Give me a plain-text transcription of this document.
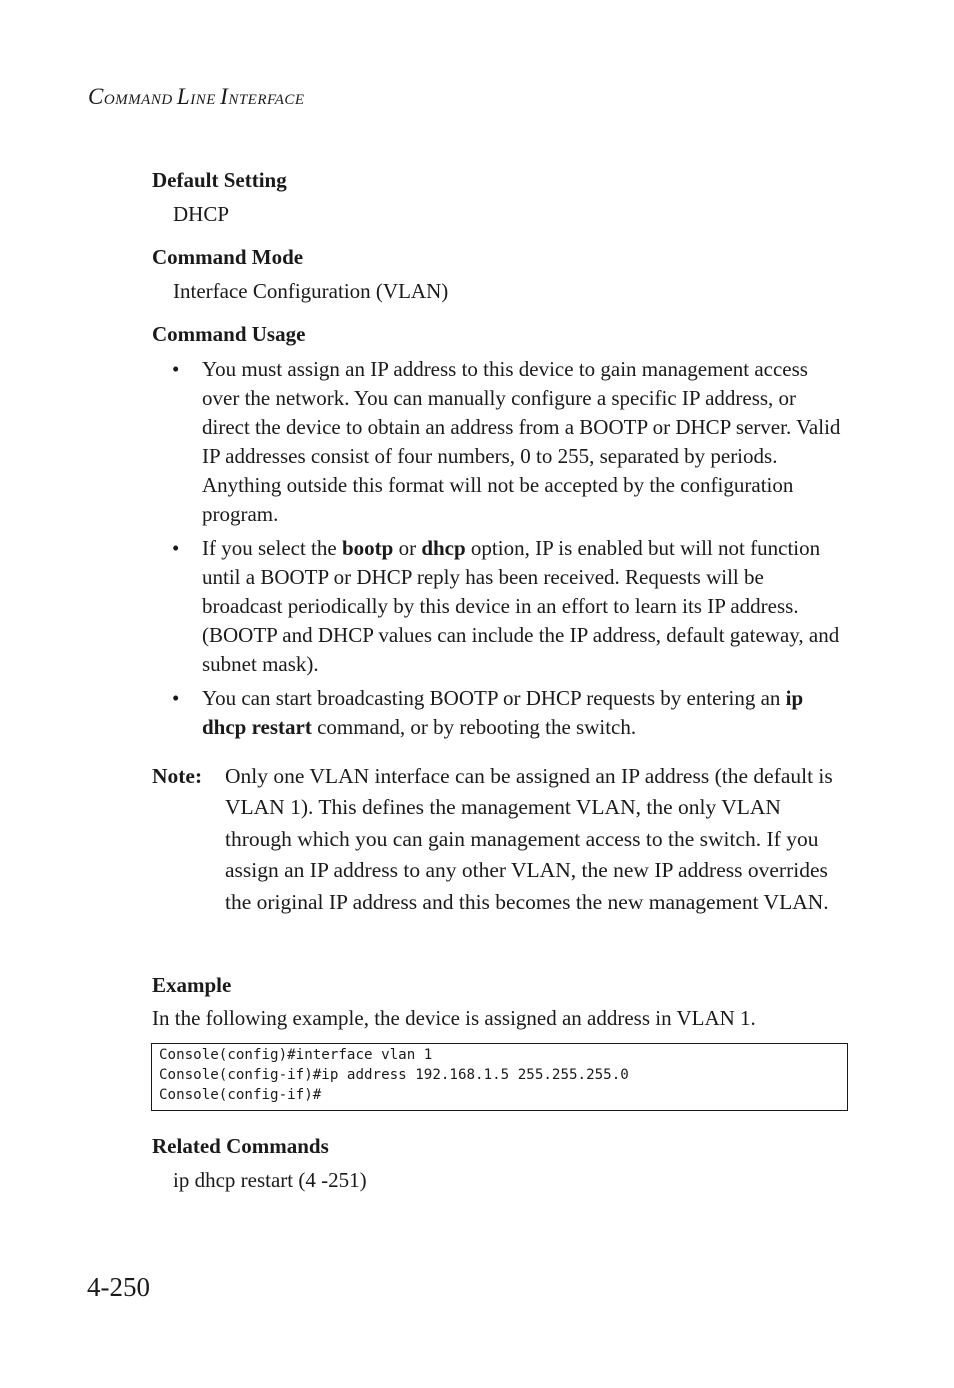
COMMAND LINE INTERFACE
Default Setting

DHCP

Command Mode

Interface Configuration (VLAN)

Command Usage
• You must assign an IP address to this device to gain management access over the network. You can manually configure a specific IP address, or direct the device to obtain an address from a BOOTP or DHCP server. Valid IP addresses consist of four numbers, 0 to 255, separated by periods. Anything outside this format will not be accepted by the configuration program.
• If you select the bootp or dhcp option, IP is enabled but will not function until a BOOTP or DHCP reply has been received. Requests will be broadcast periodically by this device in an effort to learn its IP address. (BOOTP and DHCP values can include the IP address, default gateway, and subnet mask).
• You can start broadcasting BOOTP or DHCP requests by entering an ip dhcp restart command, or by rebooting the switch.
Note: Only one VLAN interface can be assigned an IP address (the default is VLAN 1). This defines the management VLAN, the only VLAN through which you can gain management access to the switch. If you assign an IP address to any other VLAN, the new IP address overrides the original IP address and this becomes the new management VLAN.
Example

In the following example, the device is assigned an address in VLAN 1.

Console(config)#interface vlan 1
Console(config-if)#ip address 192.168.1.5 255.255.255.0
Console(config-if)#
Related Commands

ip dhcp restart (4 -251)

4-250
